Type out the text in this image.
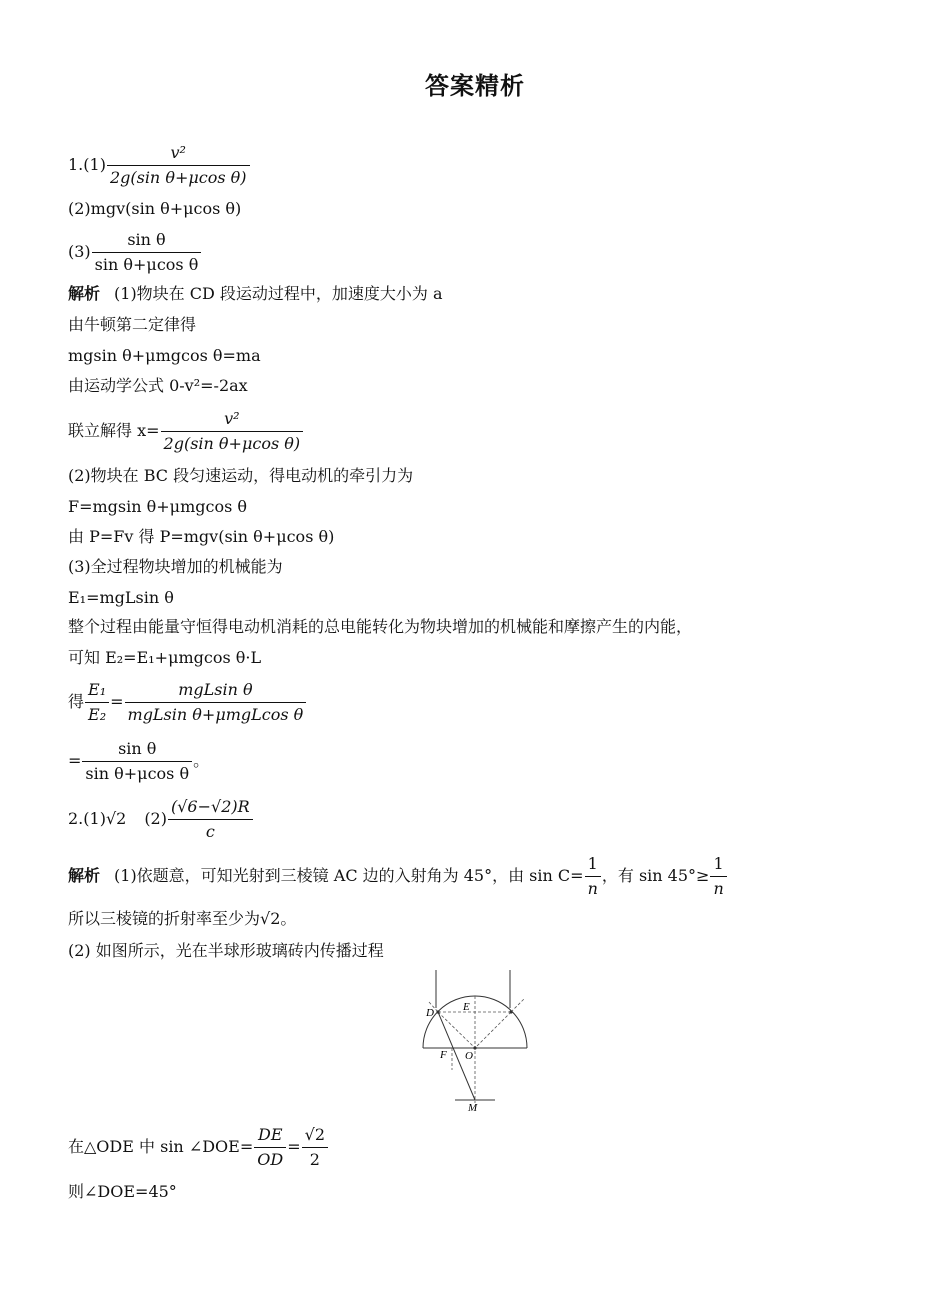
答案精析
$1.(1) \frac{\text{v²}}{\text{2g(sin θ+μcos θ)}}$
(2)mgv(sin θ+μcos θ)
$(3) \frac{\text{sin θ}}{\text{sin θ+μcos θ}}$
解析 (1)物块在 CD 段运动过程中，加速度大小为 a
由牛顿第二定律得
mgsin θ+μmgcos θ=ma
由运动学公式 0-v²=-2ax
联立解得 $x= \frac{\text{v²}}{\text{2g(sin θ+μcos θ)}}$
(2)物块在 BC 段匀速运动，得电动机的牵引力为
F=mgsin θ+μmgcos θ
由 P=Fv 得 P=mgv(sin θ+μcos θ)
(3)全过程物块增加的机械能为
E₁=mgLsin θ
整个过程由能量守恒得电动机消耗的总电能转化为物块增加的机械能和摩擦产生的内能，
可知 E₂=E₁+μmgcos θ·L
得 $\frac{\text{E₁}}{\text{E₂}} = \frac{\text{mgLsin θ}}{\text{mgLsin θ+μmgLcos θ}}$
= $\frac{\text{sin θ}}{\text{sin θ+μcos θ}}$ 。
2.(1)√2 $(2) \frac{(√6-√2)R}{c}$
解析 (1)依题意，可知光射到三棱镜 AC 边的入射角为 45°，由 $\sin C= \frac{1}{n}$ ，有 $\sin 45^\circ\ge \frac{1}{n}$
所以三棱镜的折射率至少为√2。
(2) 如图所示，光在半球形玻璃砖内传播过程
D	E
F O
M
在△ODE 中 sin ∠DOE= $\frac{DE}{OD} = \frac{√2}{2}$
则∠DOE=45°
